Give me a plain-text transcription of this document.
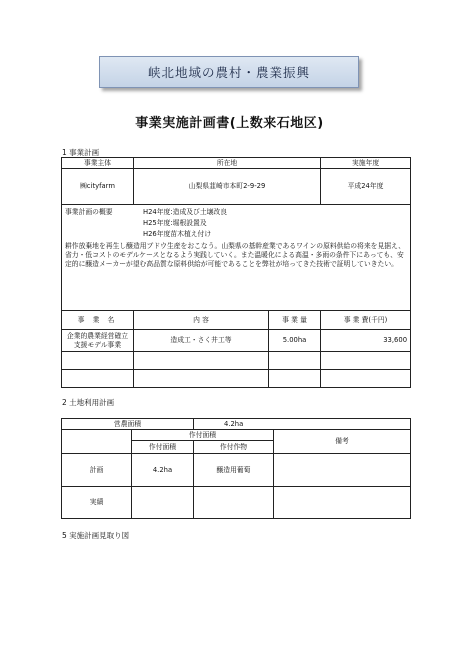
峡北地域の農村・農業振興
事業実施計画書(上数来石地区)
1 事業計画
事業主体	所在地		実施年度
㈱cityfarm	山梨県韮崎市本町2-9-29		平成24年度

事業計画の概要 H24年度:造成及び土壌改良
H25年度:堀根設置及
H26年度苗木植え付け
耕作放棄地を再生し醸造用ブドウ生産をおこなう。山梨県の基幹産業であるワインの原料供給の将来を見据え、省力・低コストのモデルケースとなるよう実践していく。また温暖化による高温・多雨の条件下にあっても、安定的に醸造メーカーが望む高品質な原料供給が可能であることを弊社が培ってきた技術で証明していきたい。			

事 業 名	内 容	事 業 量	事 業 費(千円)
企業的農業経営確立支援モデル事業	造成工・さく井工等	5.00ha	33,600

2 土地利用計画
営農面積		4.2ha	
	作付面積		備考
	作付面積	作付作物	
計画	4.2ha	醸造用葡萄	
実績			
5 実施計画見取り図
